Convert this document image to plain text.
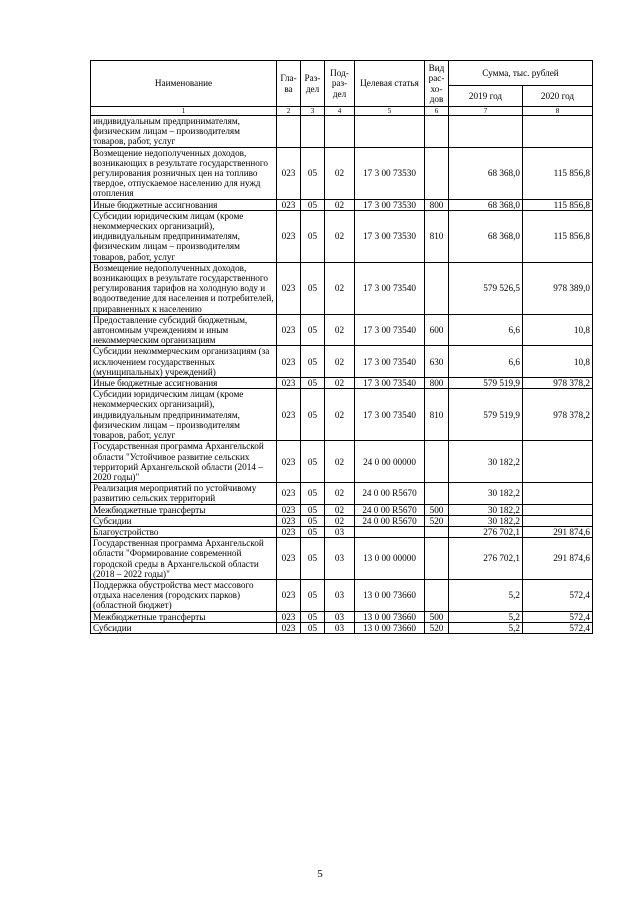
Наименование	Гла-ва	Раз-дел	Под-раз-дел	Целевая статья	Вид рас-хо-дов	Сумма, тыс. рублей	
						2019 год	2020 год
1	2	3	4	5	6	7	8
индивидуальным предпринимателям, физическим лицам – производителям товаров, работ, услуг							
Возмещение недополученных доходов, возникающих в результате государственного регулирования розничных цен на топливо твердое, отпускаемое населению для нужд отопления	023	05	02	17 3 00 73530		68 368,0	115 856,8
Иные бюджетные ассигнования	023	05	02	17 3 00 73530	800	68 368,0	115 856,8
Субсидии юридическим лицам (кроме некоммерческих организаций), индивидуальным предпринимателям, физическим лицам – производителям товаров, работ, услуг	023	05	02	17 3 00 73530	810	68 368,0	115 856,8
Возмещение недополученных доходов, возникающих в результате государственного регулирования тарифов на холодную воду и водоотведение для населения и потребителей, приравненных к населению	023	05	02	17 3 00 73540		579 526,5	978 389,0
Предоставление субсидий бюджетным, автономным учреждениям и иным некоммерческим организациям	023	05	02	17 3 00 73540	600	6,6	10,8
Субсидии некоммерческим организациям (за исключением государственных (муниципальных) учреждений)	023	05	02	17 3 00 73540	630	6,6	10,8
Иные бюджетные ассигнования	023	05	02	17 3 00 73540	800	579 519,9	978 378,2
Субсидии юридическим лицам (кроме некоммерческих организаций), индивидуальным предпринимателям, физическим лицам – производителям товаров, работ, услуг	023	05	02	17 3 00 73540	810	579 519,9	978 378,2
Государственная программа Архангельской области "Устойчивое развитие сельских территорий Архангельской области (2014 – 2020 годы)"	023	05	02	24 0 00 00000		30 182,2	
Реализация мероприятий по устойчивому развитию сельских территорий	023	05	02	24 0 00 R5670		30 182,2	
Межбюджетные трансферты	023	05	02	24 0 00 R5670	500	30 182,2	
Субсидии	023	05	02	24 0 00 R5670	520	30 182,2	
Благоустройство	023	05	03			276 702,1	291 874,6
Государственная программа Архангельской области "Формирование современной городской среды в Архангельской области (2018 – 2022 годы)"	023	05	03	13 0 00 00000		276 702,1	291 874,6
Поддержка обустройства мест массового отдыха населения (городских парков) (областной бюджет)	023	05	03	13 0 00 73660		5,2	572,4
Межбюджетные трансферты	023	05	03	13 0 00 73660	500	5,2	572,4
Субсидии	023	05	03	13 0 00 73660	520	5,2	572,4
5
